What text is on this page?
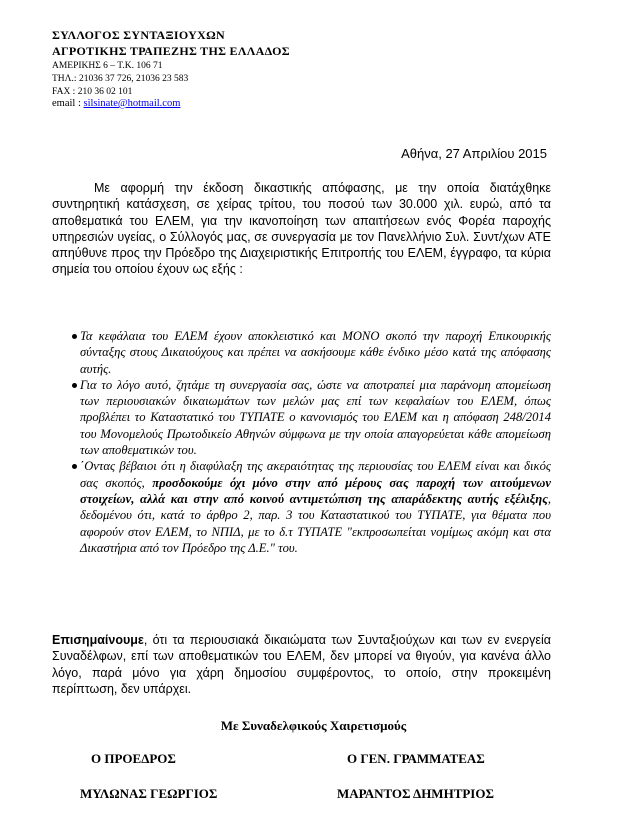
ΣΥΛΛΟΓΟΣ ΣΥΝΤΑΞΙΟΥΧΩΝ
ΑΓΡΟΤΙΚΗΣ ΤΡΑΠΕΖΗΣ ΤΗΣ ΕΛΛΑΔΟΣ
ΑΜΕΡΙΚΗΣ 6 – Τ.Κ. 106 71
ΤΗΛ.: 21036 37 726, 21036 23 583
FAX : 210 36 02 101
email : silsinate@hotmail.com
Αθήνα, 27 Απριλίου 2015
Με αφορμή την έκδοση δικαστικής απόφασης, με την οποία διατάχθηκε συντηρητική κατάσχεση, σε χείρας τρίτου, του ποσού των 30.000 χιλ. ευρώ, από τα αποθεματικά του ΕΛΕΜ, για την ικανοποίηση των απαιτήσεων ενός Φορέα παροχής υπηρεσιών υγείας, ο Σύλλογός μας, σε συνεργασία με τον Πανελλήνιο Συλ. Συντ/χων ΑΤΕ απηύθυνε προς την Πρόεδρο της Διαχειριστικής Επιτροπής του ΕΛΕΜ, έγγραφο, τα κύρια σημεία του οποίου έχουν ως εξής :

Τα κεφάλαια του ΕΛΕΜ έχουν αποκλειστικό και ΜΟΝΟ σκοπό την παροχή Επικουρικής σύνταξης στους Δικαιούχους και πρέπει να ασκήσουμε κάθε ένδικο μέσο κατά της απόφασης αυτής.

Για το λόγο αυτό, ζητάμε τη συνεργασία σας, ώστε να αποτραπεί μια παράνομη απομείωση των περιουσιακών δικαιωμάτων των μελών μας επί των κεφαλαίων του ΕΛΕΜ, όπως προβλέπει το Καταστατικό του ΤΥΠΑΤΕ ο κανονισμός του ΕΛΕΜ και η απόφαση 248/2014 του Μονομελούς Πρωτοδικείο Αθηνών σύμφωνα με την οποία απαγορεύεται κάθε απομείωση των αποθεματικών του.

΄Οντας βέβαιοι ότι η διαφύλαξη της ακεραιότητας της περιουσίας του ΕΛΕΜ είναι και δικός σας σκοπός, προσδοκούμε όχι μόνο στην από μέρους σας παροχή των αιτούμενων στοιχείων, αλλά και στην από κοινού αντιμετώπιση της απαράδεκτης αυτής εξέλιξης, δεδομένου ότι, κατά το άρθρο 2, παρ. 3 του Καταστατικού του ΤΥΠΑΤΕ, για θέματα που αφορούν στον ΕΛΕΜ, το ΝΠΙΔ, με το δ.τ ΤΥΠΑΤΕ "εκπροσωπείται νομίμως ακόμη και στα Δικαστήρια από τον Πρόεδρο της Δ.Ε." του.

Επισημαίνουμε, ότι τα περιουσιακά δικαιώματα των Συνταξιούχων και των εν ενεργεία Συναδέλφων, επί των αποθεματικών του ΕΛΕΜ, δεν μπορεί να θιγούν, για κανένα άλλο λόγο, παρά μόνο για χάρη δημοσίου συμφέροντος, το οποίο, στην προκειμένη περίπτωση, δεν υπάρχει.
Με Συναδελφικούς Χαιρετισμούς
Ο ΠΡΟΕΔΡΟΣ	Ο ΓΕΝ. ΓΡΑΜΜΑΤΕΑΣ
ΜΥΛΩΝΑΣ ΓΕΩΡΓΙΟΣ	ΜΑΡΑΝΤΟΣ ΔΗΜΗΤΡΙΟΣ
